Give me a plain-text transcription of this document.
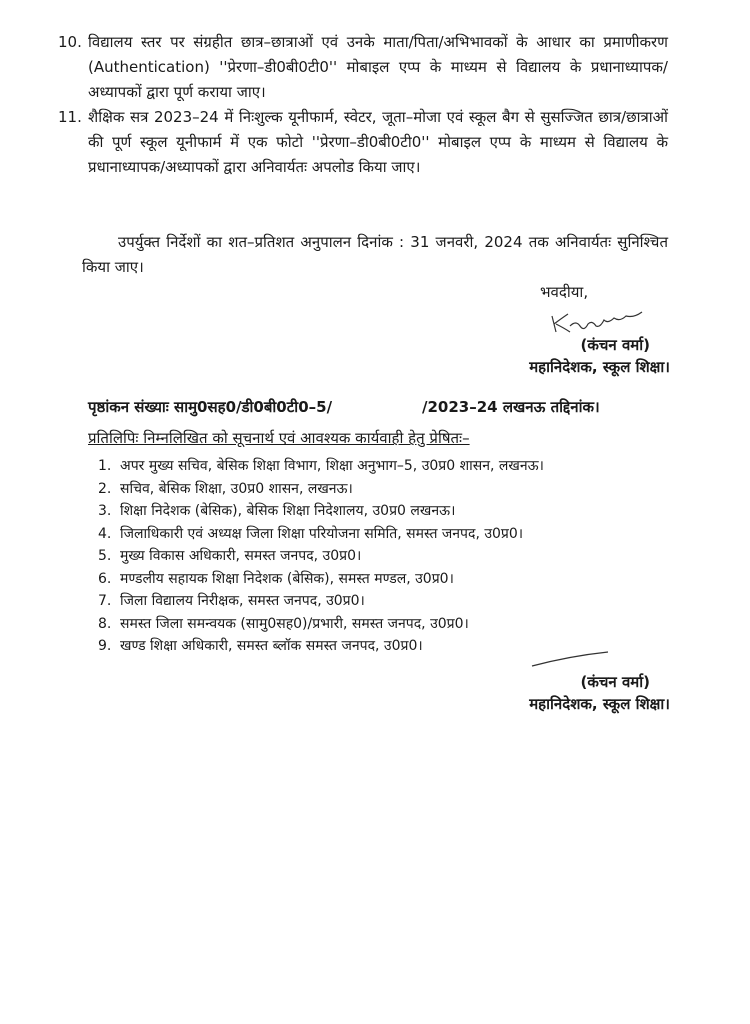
10. विद्यालय स्तर पर संग्रहीत छात्र–छात्राओं एवं उनके माता/पिता/अभिभावकों के आधार का प्रमाणीकरण (Authentication) ''प्रेरणा–डी0बी0टी0'' मोबाइल एप्प के माध्यम से विद्यालय के प्रधानाध्यापक/अध्यापकों द्वारा पूर्ण कराया जाए।
11. शैक्षिक सत्र 2023–24 में निःशुल्क यूनीफार्म, स्वेटर, जूता–मोजा एवं स्कूल बैग से सुसज्जित छात्र/छात्राओं की पूर्ण स्कूल यूनीफार्म में एक फोटो ''प्रेरणा–डी0बी0टी0'' मोबाइल एप्प के माध्यम से विद्यालय के प्रधानाध्यापक/अध्यापकों द्वारा अनिवार्यतः अपलोड किया जाए।
उपर्युक्त निर्देशों का शत–प्रतिशत अनुपालन दिनांक : 31 जनवरी, 2024 तक अनिवार्यतः सुनिश्चित किया जाए।
भवदीया,
(कंचन वर्मा)
महानिदेशक, स्कूल शिक्षा।
पृष्ठांकन संख्याः सामु0सह0/डी0बी0टी0–5/	/2023–24 लखनऊ तद्दिनांक।
प्रतिलिपिः निम्नलिखित को सूचनार्थ एवं आवश्यक कार्यवाही हेतु प्रेषितः–
1. अपर मुख्य सचिव, बेसिक शिक्षा विभाग, शिक्षा अनुभाग–5, उ0प्र0 शासन, लखनऊ।
2. सचिव, बेसिक शिक्षा, उ0प्र0 शासन, लखनऊ।
3. शिक्षा निदेशक (बेसिक), बेसिक शिक्षा निदेशालय, उ0प्र0 लखनऊ।
4. जिलाधिकारी एवं अध्यक्ष जिला शिक्षा परियोजना समिति, समस्त जनपद, उ0प्र0।
5. मुख्य विकास अधिकारी, समस्त जनपद, उ0प्र0।
6. मण्डलीय सहायक शिक्षा निदेशक (बेसिक), समस्त मण्डल, उ0प्र0।
7. जिला विद्यालय निरीक्षक, समस्त जनपद, उ0प्र0।
8. समस्त जिला समन्वयक (सामु0सह0)/प्रभारी, समस्त जनपद, उ0प्र0।
9. खण्ड शिक्षा अधिकारी, समस्त ब्लॉक समस्त जनपद, उ0प्र0।
(कंचन वर्मा)
महानिदेशक, स्कूल शिक्षा।
